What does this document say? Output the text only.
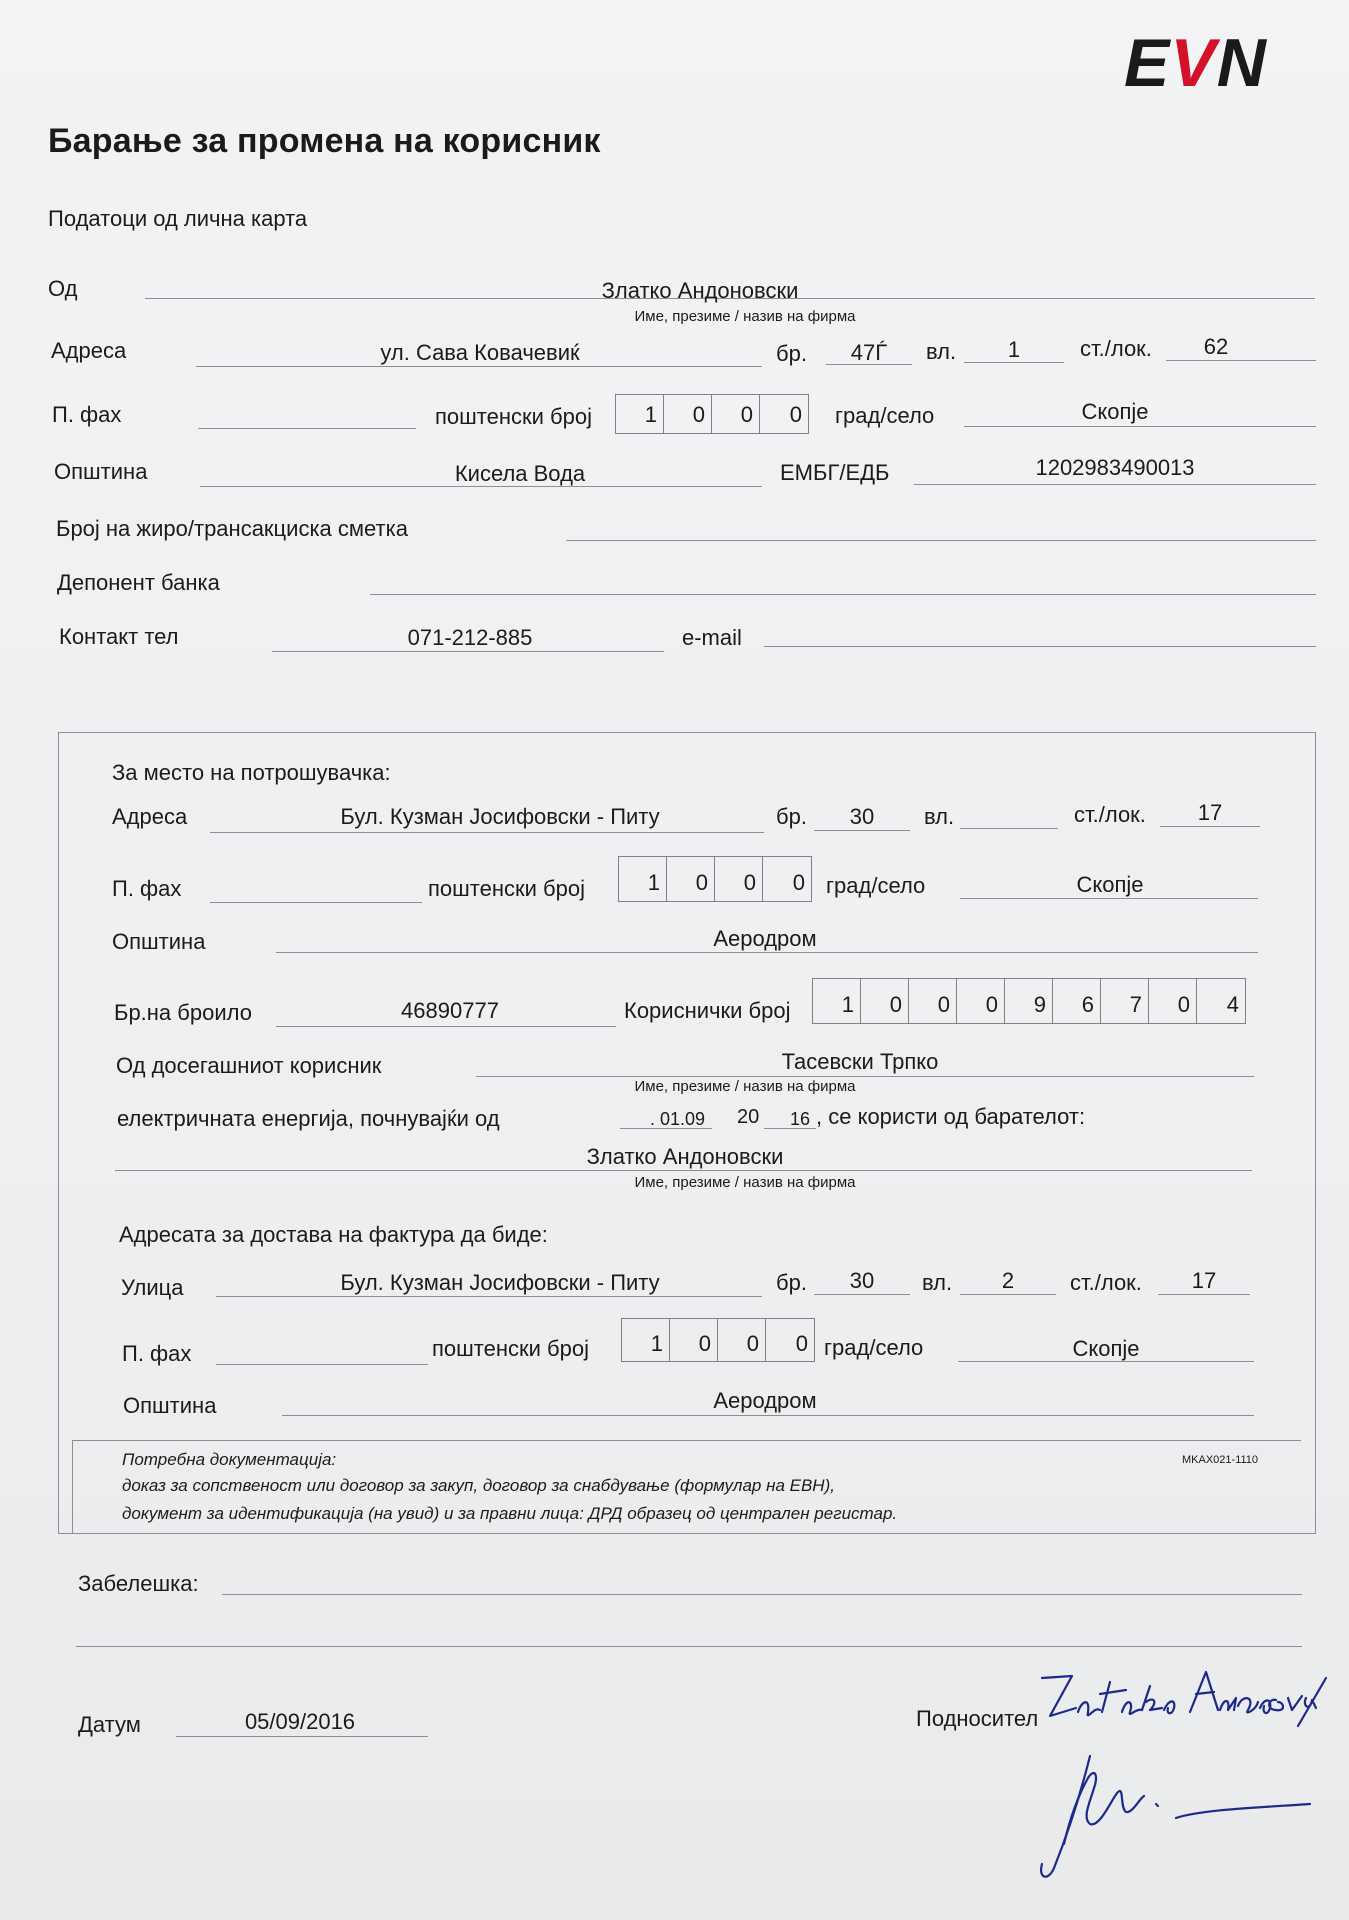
EVN
Барање за промена на корисник
Податоци од лична карта
Од	Златко Андоновски
Име, презиме / назив на фирма
Адреса	ул. Сава Ковачевиќ	бр.	47Ѓ	вл.	1	ст./лок.	62
П. фах	поштенски број	1	0	0	0 град/село	Скопје
Општина	Кисела Вода	ЕМБГ/ЕДБ	1202983490013
Број на жиро/трансакциска сметка
Депонент банка
Контакт тел	071-212-885	e-mail
За место на потрошувачка:
Адреса	Бул. Кузман Јосифовски - Питу	бр.	30	вл.	ст./лок.	17
П. фах	поштенски број	1	0	0	0 град/село	Скопје
Општина	Аеродром
Бр.на броило	46890777	Кориснички број	1	0	0	0	9	6	7	0	4
Од досегашниот корисник	Тасевски Трпко
Име, презиме / назив на фирма
електричната енергија, почнувајќи од	. 01.09 20 16 , се користи од барателот:
Златко Андоновски
Име, презиме / назив на фирма
Адресата за достава на фактура да биде:
Улица	Бул. Кузман Јосифовски - Питу	бр.	30	вл.	2	ст./лок.	17
П. фах	поштенски број	1	0	0	0 град/село	Скопје
Општина	Аеродром
Потребна документација:	MKAX021-1110
доказ за сопственост или договор за закуп, договор за снабдување (формулар на ЕВН),
документ за идентификација (на увид) и за правни лица: ДРД образец од централен регистар.
Забелешка:
Датум	05/09/2016	Подносител
